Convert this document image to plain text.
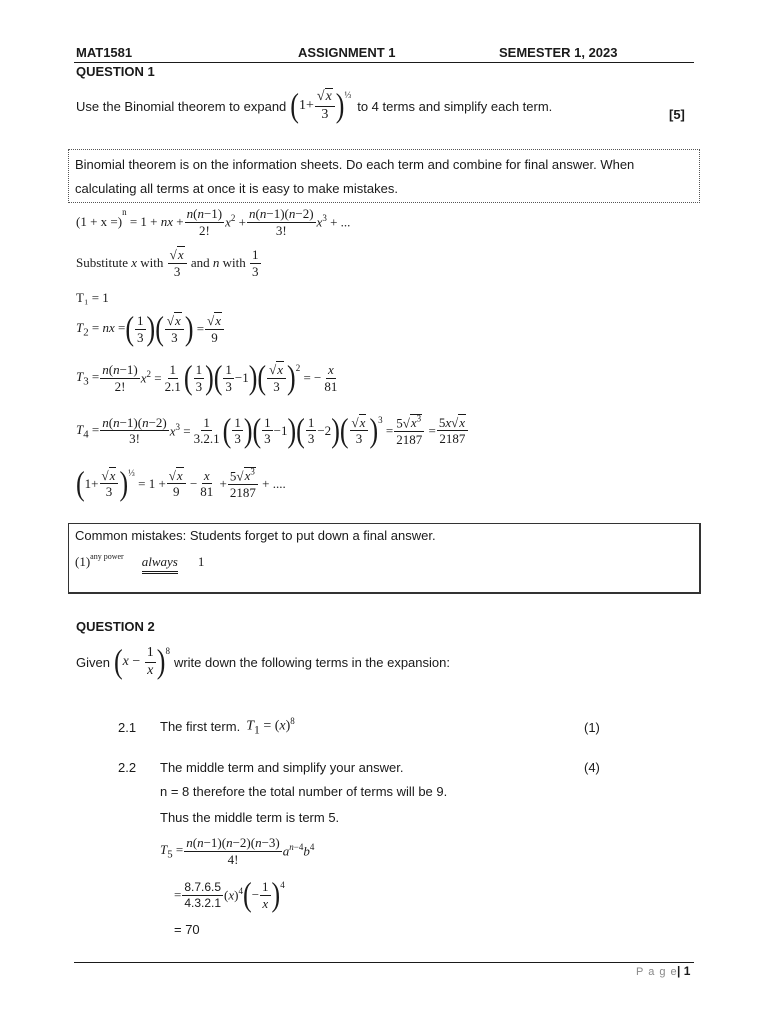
MAT1581	ASSIGNMENT 1	SEMESTER 1, 2023
QUESTION 1
Use the Binomial theorem to expand ( $1+ \frac{√x}{3} )^{\frac{1}{3}}$
to 4 terms and simplify each term.
[5]
Binomial theorem is on the information sheets. Do each term and combine for final answer. When calculating all terms at once it is easy to make mistakes.
(1 + x =)
$^n$
= 1 + nx + $\frac{n(n-1)}{2!} x^2 + \frac{n(n-1)(n-2)}{3!} x^3$ + ...
Substitute
x
with
$\frac{√x}{3}$
and
n
with
$\frac{1}{3}$
T₁ = 1
$T_2$ = nx = ( $\frac{1}{3}$ ) ( $\frac{√x}{3}$ ) = $\frac{√x}{9}$
$T_3 = \frac{n(n-1)}{2!} x^2 = \frac{1}{2.1}$ ( $\frac{1}{3}$ ) ( $\frac{1}{3} -1$ ) ( $\frac{√x}{3} )^2$
= − $\frac{x}{81}$
$T_4 = \frac{n(n-1)(n-2)}{3!} x^3 = \frac{1}{3.2.1}$ ( $\frac{1}{3}$ ) ( $\frac{1}{3} -1$ ) ( $\frac{1}{3} -2$ ) ( $\frac{√x}{3} )^3$
= $\frac{5√x^3}{2187} = \frac{5x√x}{2187}$
( $1+ \frac{√x}{3} )^{\frac{1}{3}}$
= $1 + \frac{√x}{9} - \frac{x}{81} + \frac{5√x^3}{2187}$ + ....
Common mistakes: Students forget to put down a final answer.
(1) any power always 1
QUESTION 2
Given ( $x - \frac{1}{x} )^8$
write down the following terms in the expansion:
2.1 The first term. $T_1 = (x)^8$	(1)
2.2 The middle term and simplify your answer.	(4)
n = 8 therefore the total number of terms will be 9.
Thus the middle term is term 5.
$T_5 = \frac{n(n-1)(n-2)(n-3)}{4!} a^{n-4}b^4$
= $\frac{8.7.6.5}{4.3.2.1} (x)^4$ ( − $\frac{1}{x} )^4$
= 70
P a g e | 1
